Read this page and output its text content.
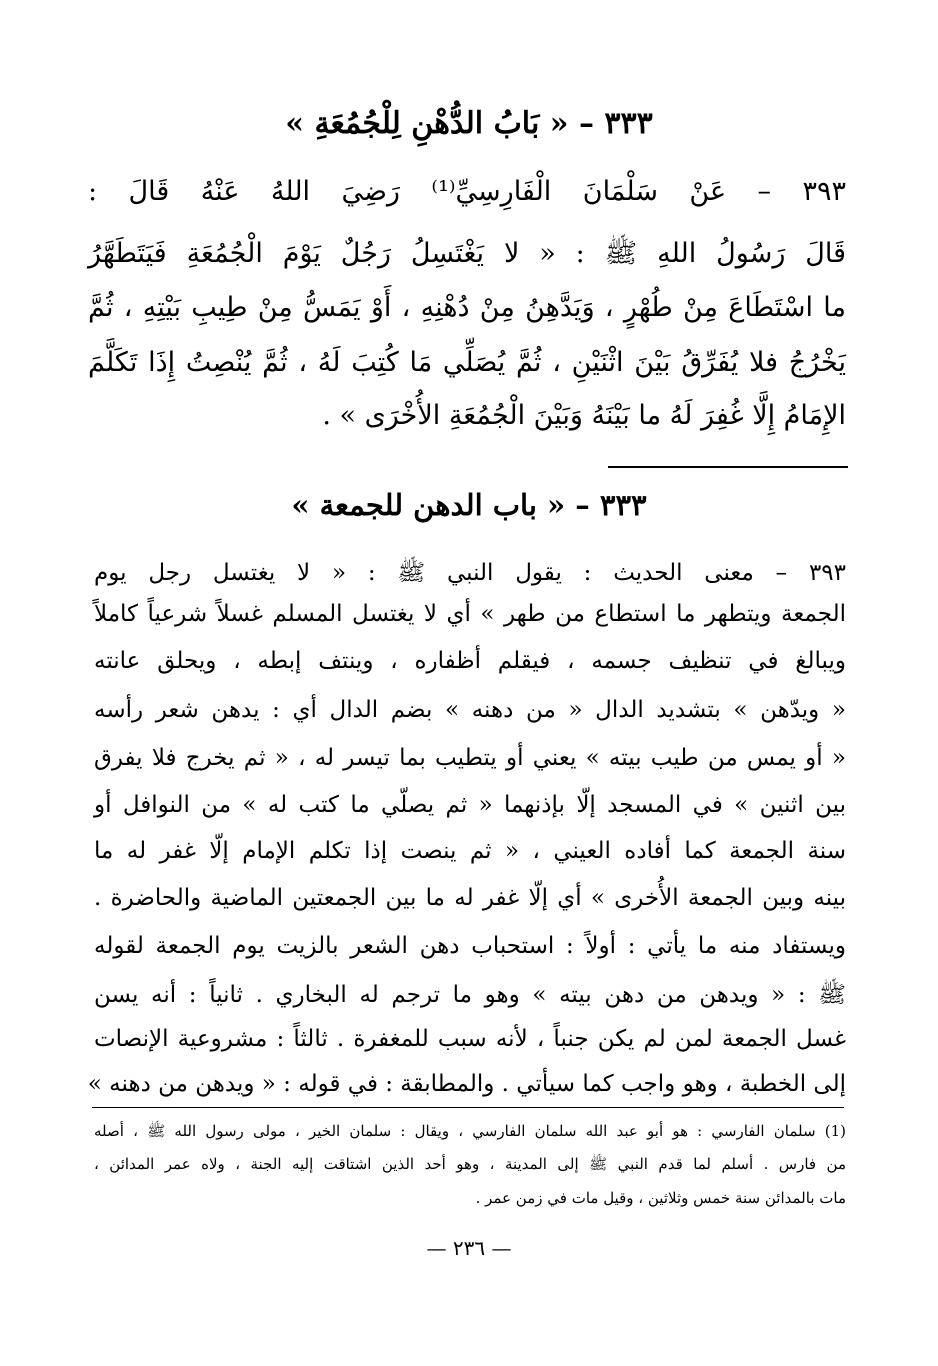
٣٣٣ – « بَابُ الدُّهْنِ لِلْجُمُعَةِ »
٣٩٣ – عَنْ سَلْمَانَ الْفَارِسِيِّ⁽¹⁾ رَضِيَ اللهُ عَنْهُ قَالَ :
قَالَ رَسُولُ اللهِ ﷺ : « لا يَغْتَسِلُ رَجُلٌ يَوْمَ الْجُمُعَةِ فَيَتَطَهَّرُ
ما اسْتَطَاعَ مِنْ طُهْرٍ ، وَيَدَّهِنُ مِنْ دُهْنِهِ ، أَوْ يَمَسُّ مِنْ طِيبِ بَيْتِهِ ، ثُمَّ
يَخْرُجُ فلا يُفَرِّقُ بَيْنَ اثْنَيْنِ ، ثُمَّ يُصَلِّي مَا كُتِبَ لَهُ ، ثُمَّ يُنْصِتُ إِذَا تَكَلَّمَ
الإِمَامُ إِلَّا غُفِرَ لَهُ ما بَيْنَهُ وَبَيْنَ الْجُمُعَةِ الأُخْرَى » .
٣٣٣ – « باب الدهن للجمعة »
٣٩٣ – معنى الحديث : يقول النبي ﷺ : « لا يغتسل رجل يوم
الجمعة ويتطهر ما استطاع من طهر » أي لا يغتسل المسلم غسلاً شرعياً كاملاً
ويبالغ في تنظيف جسمه ، فيقلم أظفاره ، وينتف إبطه ، ويحلق عانته
« ويدّهن » بتشديد الدال « من دهنه » بضم الدال أي : يدهن شعر رأسه
« أو يمس من طيب بيته » يعني أو يتطيب بما تيسر له ، « ثم يخرج فلا يفرق
بين اثنين » في المسجد إلّا بإذنهما « ثم يصلّي ما كتب له » من النوافل أو
سنة الجمعة كما أفاده العيني ، « ثم ينصت إذا تكلم الإمام إلّا غفر له ما
بينه وبين الجمعة الأُخرى » أي إلّا غفر له ما بين الجمعتين الماضية والحاضرة .
ويستفاد منه ما يأتي : أولاً : استحباب دهن الشعر بالزيت يوم الجمعة لقوله
ﷺ : « ويدهن من دهن بيته » وهو ما ترجم له البخاري . ثانياً : أنه يسن
غسل الجمعة لمن لم يكن جنباً ، لأنه سبب للمغفرة . ثالثاً : مشروعية الإنصات
إلى الخطبة ، وهو واجب كما سيأتي . والمطابقة : في قوله : « ويدهن من دهنه »
(1) سلمان الفارسي : هو أبو عبد الله سلمان الفارسي ، ويقال : سلمان الخير ، مولى رسول الله ﷺ ، أصله
من فارس . أسلم لما قدم النبي ﷺ إلى المدينة ، وهو أحد الذين اشتاقت إليه الجنة ، ولاه عمر المدائن ،
مات بالمدائن سنة خمس وثلاثين ، وقيل مات في زمن عمر .
— ٢٣٦ —
